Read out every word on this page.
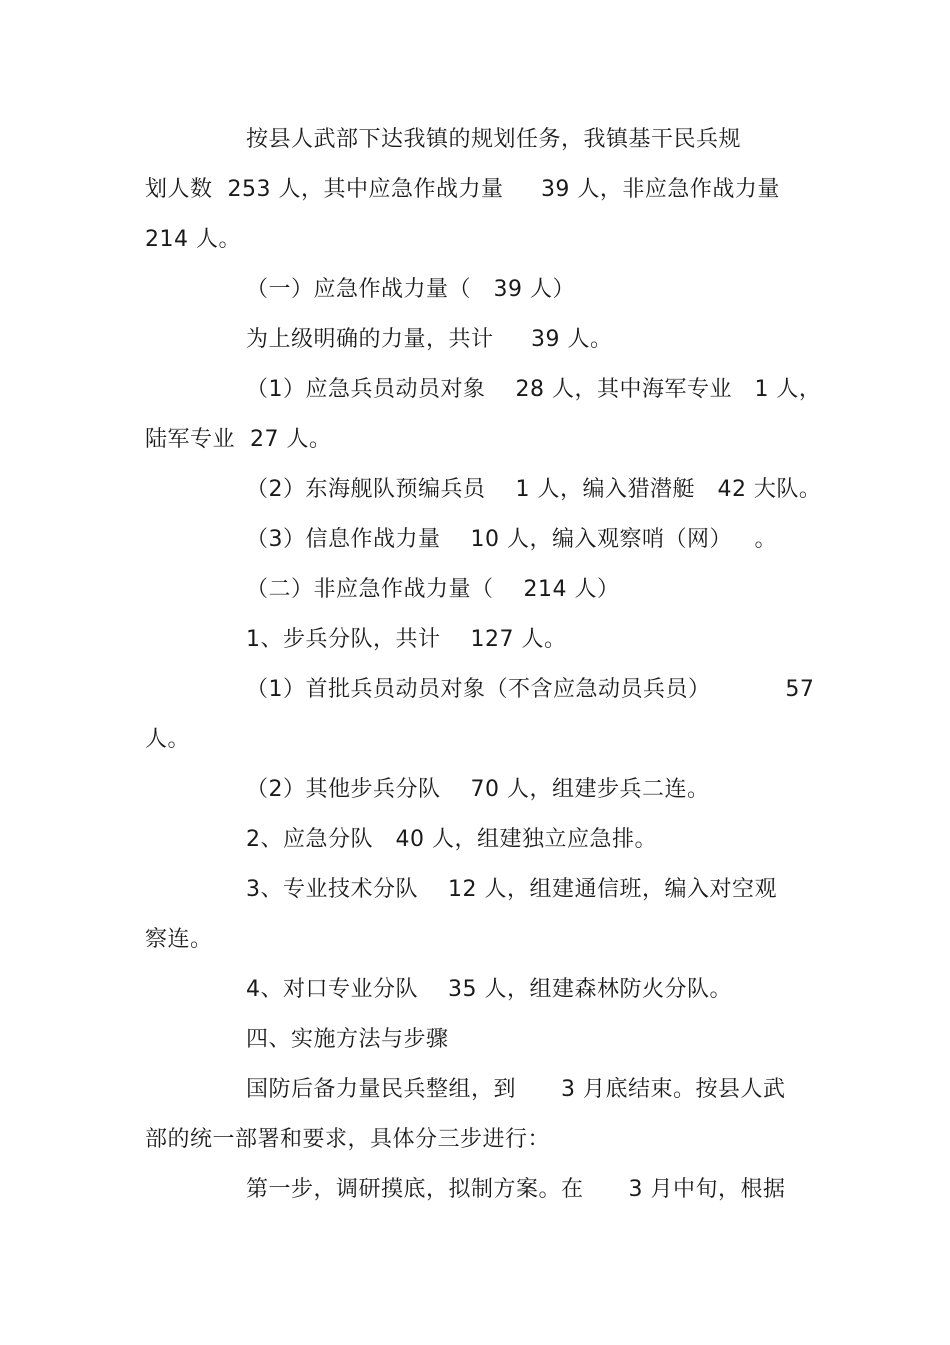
按县人武部下达我镇的规划任务，我镇基干民兵规
划人数  253 人，其中应急作战力量     39 人，非应急作战力量
214 人。
（一）应急作战力量（   39 人）
为上级明确的力量，共计     39 人。
（1）应急兵员动员对象    28 人，其中海军专业   1 人，
陆军专业  27 人。
（2）东海舰队预编兵员    1 人，编入猎潜艇   42 大队。
（3）信息作战力量    10 人，编入观察哨（网）   。
（二）非应急作战力量（    214 人）
1、步兵分队，共计    127 人。
（1）首批兵员动员对象（不含应急动员兵员）          57
人。
（2）其他步兵分队    70 人，组建步兵二连。
2、应急分队   40 人，组建独立应急排。
3、专业技术分队    12 人，组建通信班，编入对空观
察连。
4、对口专业分队    35 人，组建森林防火分队。
四、实施方法与步骤
国防后备力量民兵整组，到      3 月底结束。按县人武
部的统一部署和要求，具体分三步进行：
第一步，调研摸底，拟制方案。在      3 月中旬，根据
